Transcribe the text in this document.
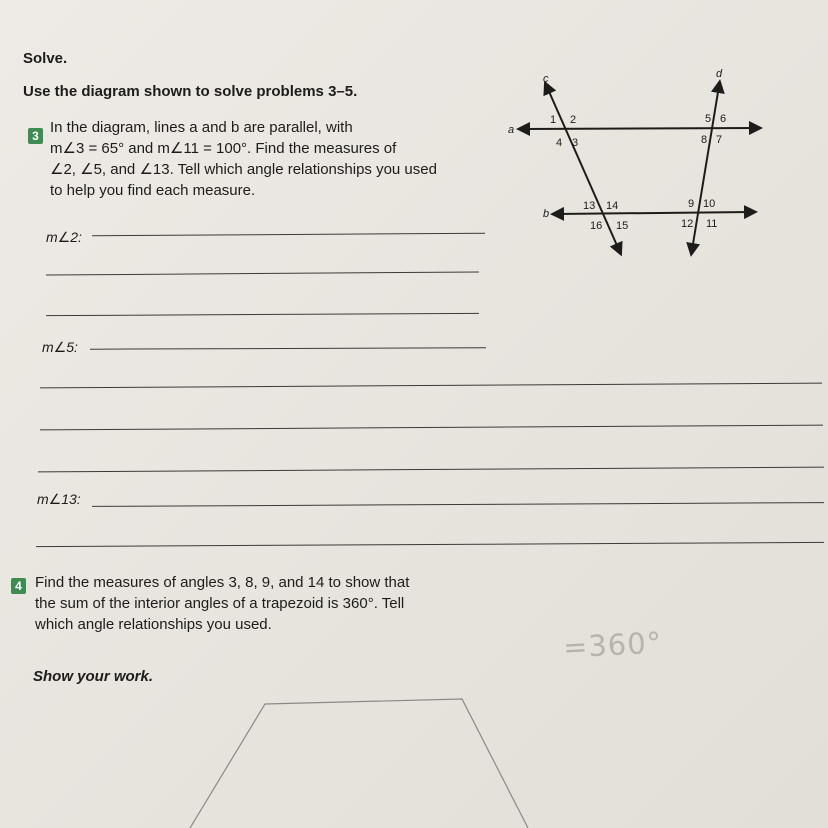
Solve.
Use the diagram shown to solve problems 3–5.
3 In the diagram, lines a and b are parallel, with
m∠3 = 65° and m∠11 = 100°. Find the measures of
∠2, ∠5, and ∠13. Tell which angle relationships you used
to help you find each measure.
m∠2:
m∠5:
m∠13:
4 Find the measures of angles 3, 8, 9, and 14 to show that
the sum of the interior angles of a trapezoid is 360°. Tell
which angle relationships you used.
=360°
Show your work.
a
b
c	d
1 2
3
4
5 6
7
8
9 10
11
12
13 14
15
16
